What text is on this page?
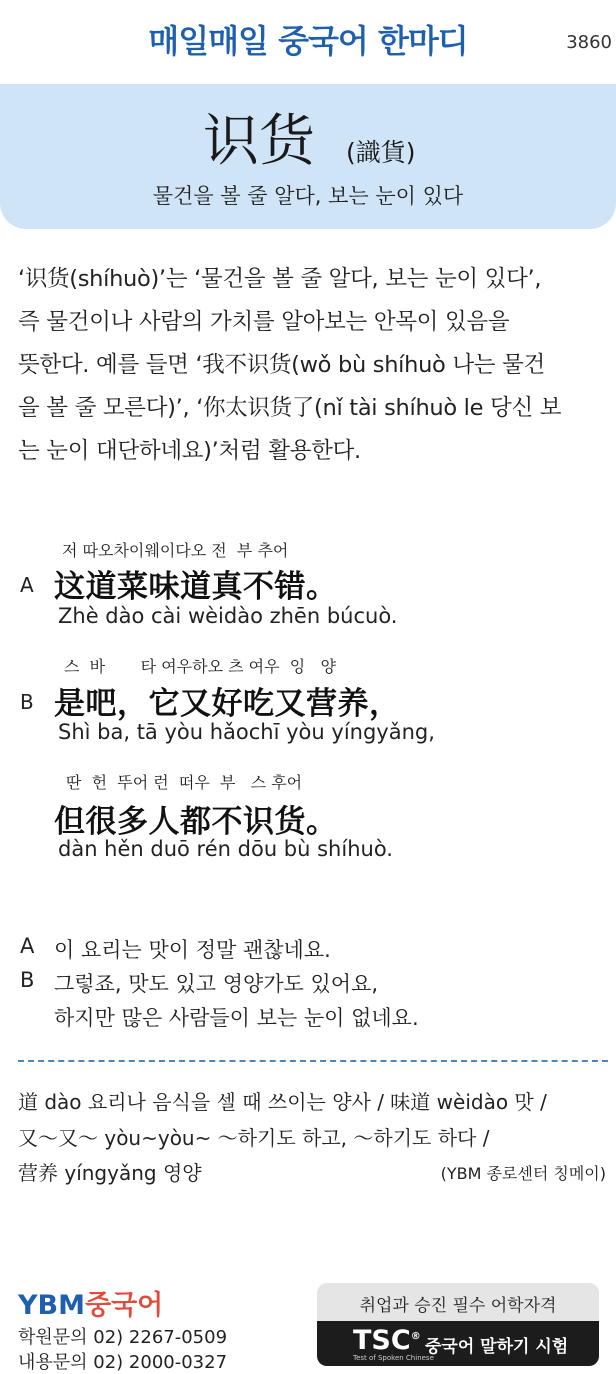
매일매일 중국어 한마디	3860
识货 (識貨)
물건을 볼 줄 알다, 보는 눈이 있다
‘识货(shíhuò)’는 ‘물건을 볼 줄 알다, 보는 눈이 있다’,
즉 물건이나 사람의 가치를 알아보는 안목이 있음을
뜻한다. 예를 들면 ‘我不识货(wǒ bù shíhuò 나는 물건
을 볼 줄 모른다)’, ‘你太识货了(nǐ tài shíhuò le 당신 보
는 눈이 대단하네요)’처럼 활용한다.
저 따오차이웨이다오 전  부 추어
A 这道菜味道真不错。
Zhè dào cài wèidào zhēn búcuò.
스  바       타 여우하오 츠 여우  잉   양
B 是吧，它又好吃又营养，
Shì ba, tā yòu hǎochī yòu yíngyǎng,
딴  헌  뚜어 런  떠우  부   스 후어
但很多人都不识货。
dàn hěn duō rén dōu bù shíhuò.
A 이 요리는 맛이 정말 괜찮네요.
B 그렇죠, 맛도 있고 영양가도 있어요,
하지만 많은 사람들이 보는 눈이 없네요.
道 dào 요리나 음식을 셀 때 쓰이는 양사 / 味道 wèidào 맛 /
又～又～ yòu~yòu~ ～하기도 하고, ～하기도 하다 /
营养 yíngyǎng 영양	(YBM 종로센터 칭메이)
YBM중국어
학원문의 02) 2267-0509
내용문의 02) 2000-0327
취업과 승진 필수 어학자격
TSC®
Test of Spoken Chinese
중국어 말하기 시험
